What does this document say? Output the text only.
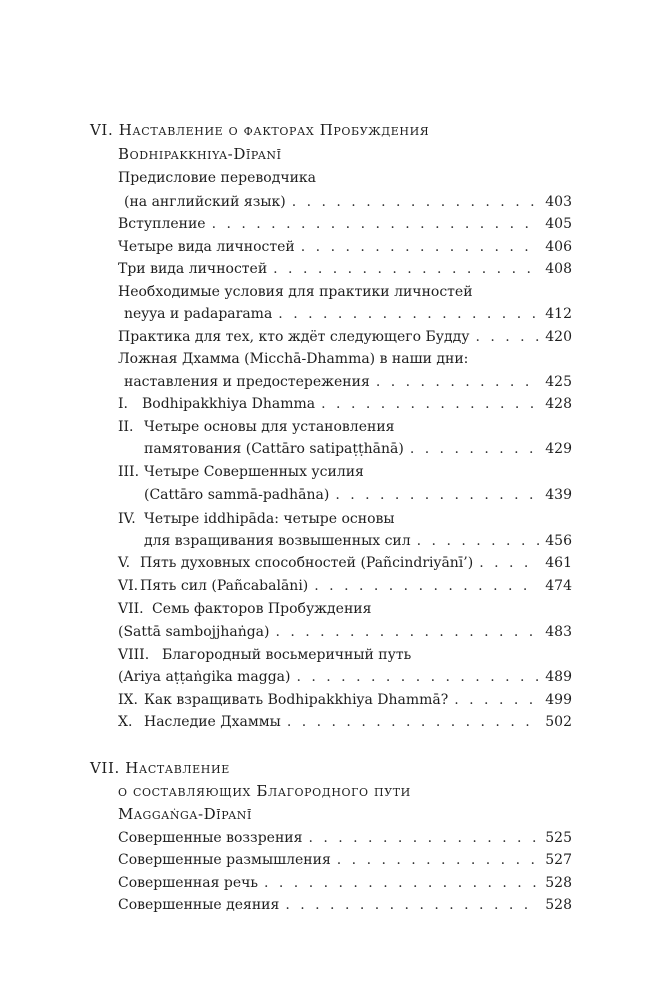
VI. Наставление о факторах Пробуждения
Bodhipakkhiya-Dīpanī
Предисловие переводчика
(на английский язык) . . .	403
Вступление . . .	405
Четыре вида личностей . . .	406
Три вида личностей . . .	408
Необходимые условия для практики личностей
neyya и padaparama . . .	412
Практика для тех, кто ждёт следующего Будду . . .	420
Ложная Дхамма (Micchā-Dhamma) в наши дни:
наставления и предостережения . . .	425
I.	Bodhipakkhiya Dhamma . . .	428
II. Четыре основы для установления
памятования (Cattāro satipaṭṭhānā) . . .	429
III. Четыре Совершенных усилия
(Cattāro sammā-padhāna) . . .	439
IV. Четыре iddhipāda: четыре основы
для взращивания возвышенных сил . . .	456
V. Пять духовных способностей (Pañcindriyānī’) . . .	461
VI. Пять сил (Pañcabalāni) . . .	474
VII. Семь факторов Пробуждения
(Sattā sambojjhaṅga) . . .	483
VIII. Благородный восьмеричный путь
(Ariya aṭṭaṅgika magga) . . .	489
IX. Как взращивать Bodhipakkhiya Dhammā? . . .	499
X. Наследие Дхаммы . . .	502
VII. Наставление
о составляющих Благородного пути
Maggaṅga-Dīpanī
Совершенные воззрения . . .	525
Совершенные размышления . . .	527
Совершенная речь . . .	528
Совершенные деяния . . .	528
